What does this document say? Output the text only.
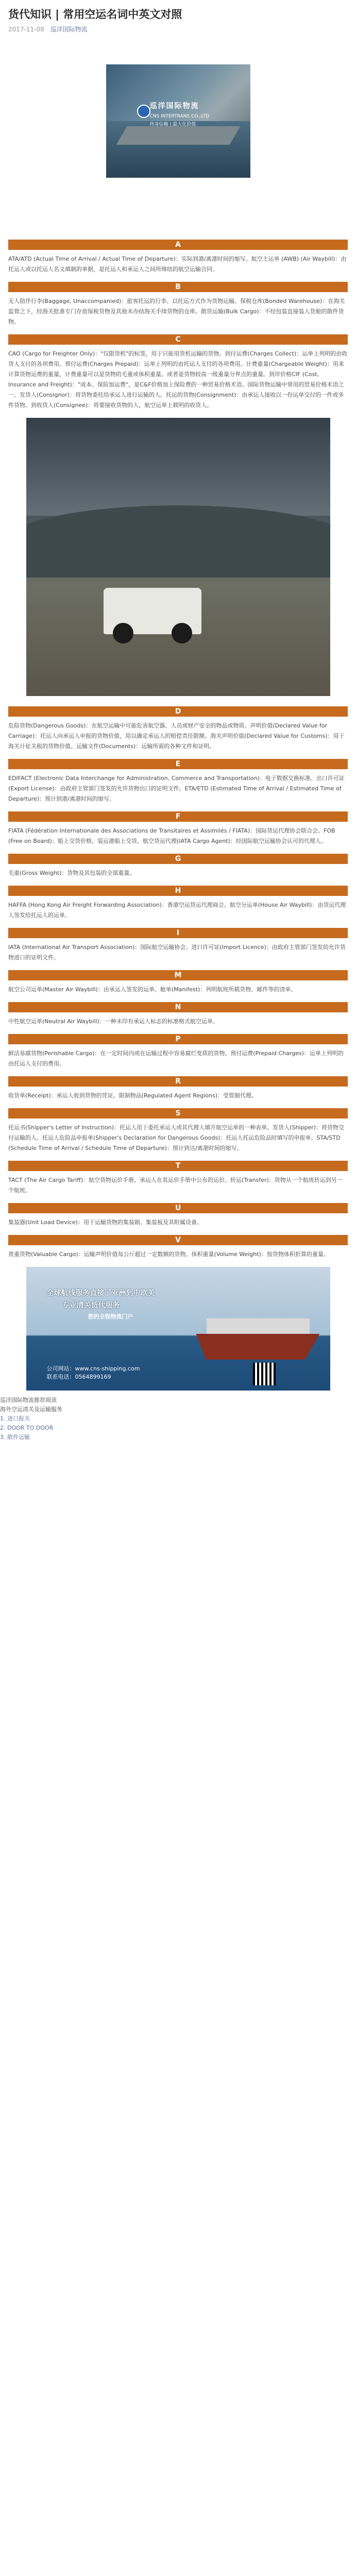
货代知识 | 常用空运名词中英文对照
2017-11-08 巡洋国际物流
巡洋国际物流
CNS INTERTRANS CO.,LTD
终身信赖 | 最大化价值
A
ATA/ATD (Actual Time of Arrival / Actual Time of Departure)：实际到港/离港时间的缩写。航空主运单 (AWB) (Air Waybill)：由托运人或以托运人名义填制的单据，是托运人和承运人之间所缔结的航空运输合同。
B
无人陪伴行李(Baggage, Unaccompanied)：旅客托运的行李。以托运方式作为货物运输。保税仓库(Bonded Warehouse)：在海关监管之下，经海关批准专门存放保税货物及其他未办结海关手续货物的仓库。散货运输(Bulk Cargo)：不经包装直接装入货舱的散件货物。
C
CAO (Cargo for Freighter Only)："仅限货机"的标签，用于只能用货机运输的货物。到付运费(Charges Collect)：运单上列明的由收货人支付的各项费用。预付运费(Charges Prepaid)：运单上列明的由托运人支付的各项费用。计费重量(Chargeable Weight)：用来计算货物运费的重量，计费重量可以是货物的毛重或体积重量。或者是货物较高一级重量分界点的重量。到岸价格CIF (Cost, Insurance and Freight)："成本、保险加运费"，是C&F价格加上保险费的一种贸易价格术语。国际货物运输中常用的贸易价格术语之一。发货人(Consignor)：将货物委托给承运人进行运输的人。托运的货物(Consignment)：由承运人接收以一份运单交付的一件或多件货物。到收货人(Consignee)：将要接收货物的人，航空运单上载明的收货人。
D
危险货物(Dangerous Goods)：在航空运输中可能危害航空器、人员或财产安全的物品或物质。声明价值(Declared Value for Carriage)：托运人向承运人申报的货物价值，用以确定承运人的赔偿责任限额。海关声明价值(Declared Value for Customs)：用于海关计征关税的货物价值。运输文件(Documents)：运输所需的各种文件和证明。
E
EDIFACT (Electronic Data Interchange for Administration, Commerce and Transportation)：电子数据交换标准。出口许可证(Export License)：由政府主管部门签发的允许货物出口的证明文件。ETA/ETD (Estimated Time of Arrival / Estimated Time of Departure)：预计到港/离港时间的缩写。
F
FIATA (Fédération Internationale des Associations de Transitaires et Assimilés / FIATA)：国际货运代理协会联合会。FOB (Free on Board)：船上交货价格，装运港船上交货。航空货运代理(IATA Cargo Agent)：经国际航空运输协会认可的代理人。
G
毛重(Gross Weight)：货物及其包装的全部重量。
H
HAFFA (Hong Kong Air Freight Forwarding Association)：香港空运货运代理商会。航空分运单(House Air Waybill)：由货运代理人签发给托运人的运单。
I
IATA (International Air Transport Association)：国际航空运输协会。进口许可证(Import Licence)：由政府主管部门签发的允许货物进口的证明文件。
M
航空公司运单(Master Air Waybill)：由承运人签发的运单。舱单(Manifest)：列明航班所载货物、邮件等的清单。
N
中性航空运单(Neutral Air Waybill)：一种未印有承运人标志的标准格式航空运单。
P
鲜活易腐货物(Perishable Cargo)：在一定时间内或在运输过程中容易腐烂变质的货物。预付运费(Prepaid Charges)：运单上列明的由托运人支付的费用。
R
收货单(Receipt)：承运人收到货物的凭证。限制物品(Regulated Agent Regions)：受管制代理。
S
托运书(Shipper's Letter of Instruction)：托运人用于委托承运人或其代理人填开航空运单的一种表单。发货人(Shipper)：将货物交付运输的人。托运人危险品申报单(Shipper's Declaration for Dangerous Goods)：托运人托运危险品时填写的申报单。STA/STD (Schedule Time of Arrival / Schedule Time of Departure)：预计到达/离港时间的缩写。
T
TACT (The Air Cargo Tariff)：航空货物运价手册。承运人在其运价手册中公布的运价。转运(Transfer)：货物从一个航班转运到另一个航班。
U
集装器(Unit Load Device)：用于运输货物的集装箱、集装板及其附属设备。
V
贵重货物(Valuable Cargo)：运输声明价值每公斤超过一定数额的货物。体积重量(Volume Weight)：按货物体积折算的重量。
全球航线服务直接了亚洲到中欧美
专业清关货代服务
您的全程物流门户
公司网站：www.cns-shipping.com
联系电话：0564899169
巡洋国际物流推荐阅读
海外空运清关及运输服务
1. 进口报关
2. DOOR TO DOOR
3. 散件运输
